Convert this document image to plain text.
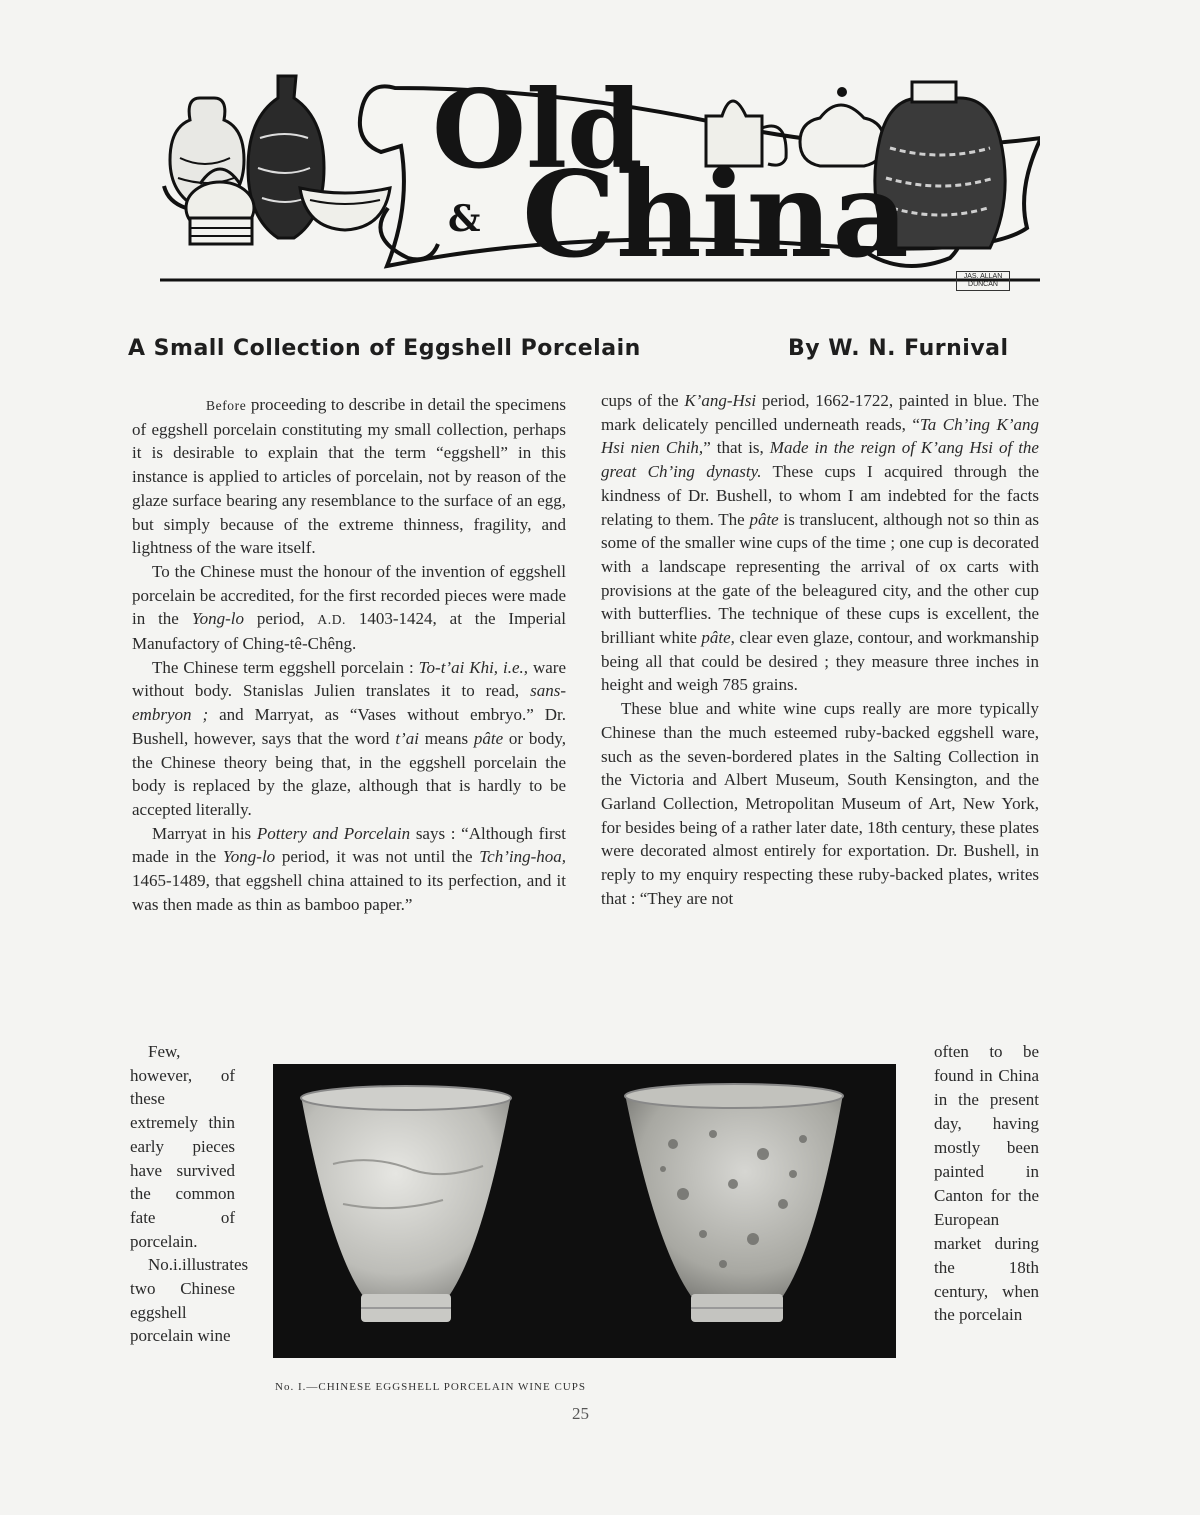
Old
China
&
JAS. ALLAN DUNCAN
A Small Collection of Eggshell Porcelain	By W. N. Furnival

Before proceeding to describe in detail the specimens of eggshell porcelain constituting my small collection, perhaps it is desirable to explain that the term “eggshell” in this instance is applied to articles of porcelain, not by reason of the glaze surface bearing any resemblance to the surface of an egg, but simply because of the extreme thinness, fragility, and lightness of the ware itself.

To the Chinese must the honour of the invention of eggshell porcelain be accredited, for the first recorded pieces were made in the Yong-lo period, A.D. 1403-1424, at the Imperial Manufactory of Ching-tê-Chêng.

The Chinese term eggshell porcelain : To-t’ai Khi, i.e., ware without body. Stanislas Julien translates it to read, sans-embryon ; and Marryat, as “Vases without embryo.” Dr. Bushell, however, says that the word t’ai means pâte or body, the Chinese theory being that, in the eggshell porcelain the body is replaced by the glaze, although that is hardly to be accepted literally.

Marryat in his Pottery and Porcelain says : “Although first made in the Yong-lo period, it was not until the Tch’ing-hoa, 1465-1489, that eggshell china attained to its perfection, and it was then made as thin as bamboo paper.”

cups of the K’ang-Hsi period, 1662-1722, painted in blue. The mark delicately pencilled underneath reads, “Ta Ch’ing K’ang Hsi nien Chih,” that is, Made in the reign of K’ang Hsi of the great Ch’ing dynasty. These cups I acquired through the kindness of Dr. Bushell, to whom I am indebted for the facts relating to them. The pâte is translucent, although not so thin as some of the smaller wine cups of the time ; one cup is decorated with a landscape representing the arrival of ox carts with provisions at the gate of the beleagured city, and the other cup with butterflies. The technique of these cups is excellent, the brilliant white pâte, clear even glaze, contour, and workmanship being all that could be desired ; they measure three inches in height and weigh 785 grains.

These blue and white wine cups really are more typically Chinese than the much esteemed ruby-backed eggshell ware, such as the seven-bordered plates in the Salting Collection in the Victoria and Albert Museum, South Kensington, and the Garland Collection, Metropolitan Museum of Art, New York, for besides being of a rather later date, 18th century, these plates were decorated almost entirely for exportation. Dr. Bushell, in reply to my enquiry respecting these ruby-backed plates, writes that : “They are not

Few, however, of these extremely thin early pieces have survived the common fate of porcelain.

No.i.illustrates two Chinese eggshell porcelain wine

often to be found in China in the present day, having mostly been painted in Canton for the European market during the 18th century, when the porcelain

No. I.—CHINESE EGGSHELL PORCELAIN WINE CUPS
25
